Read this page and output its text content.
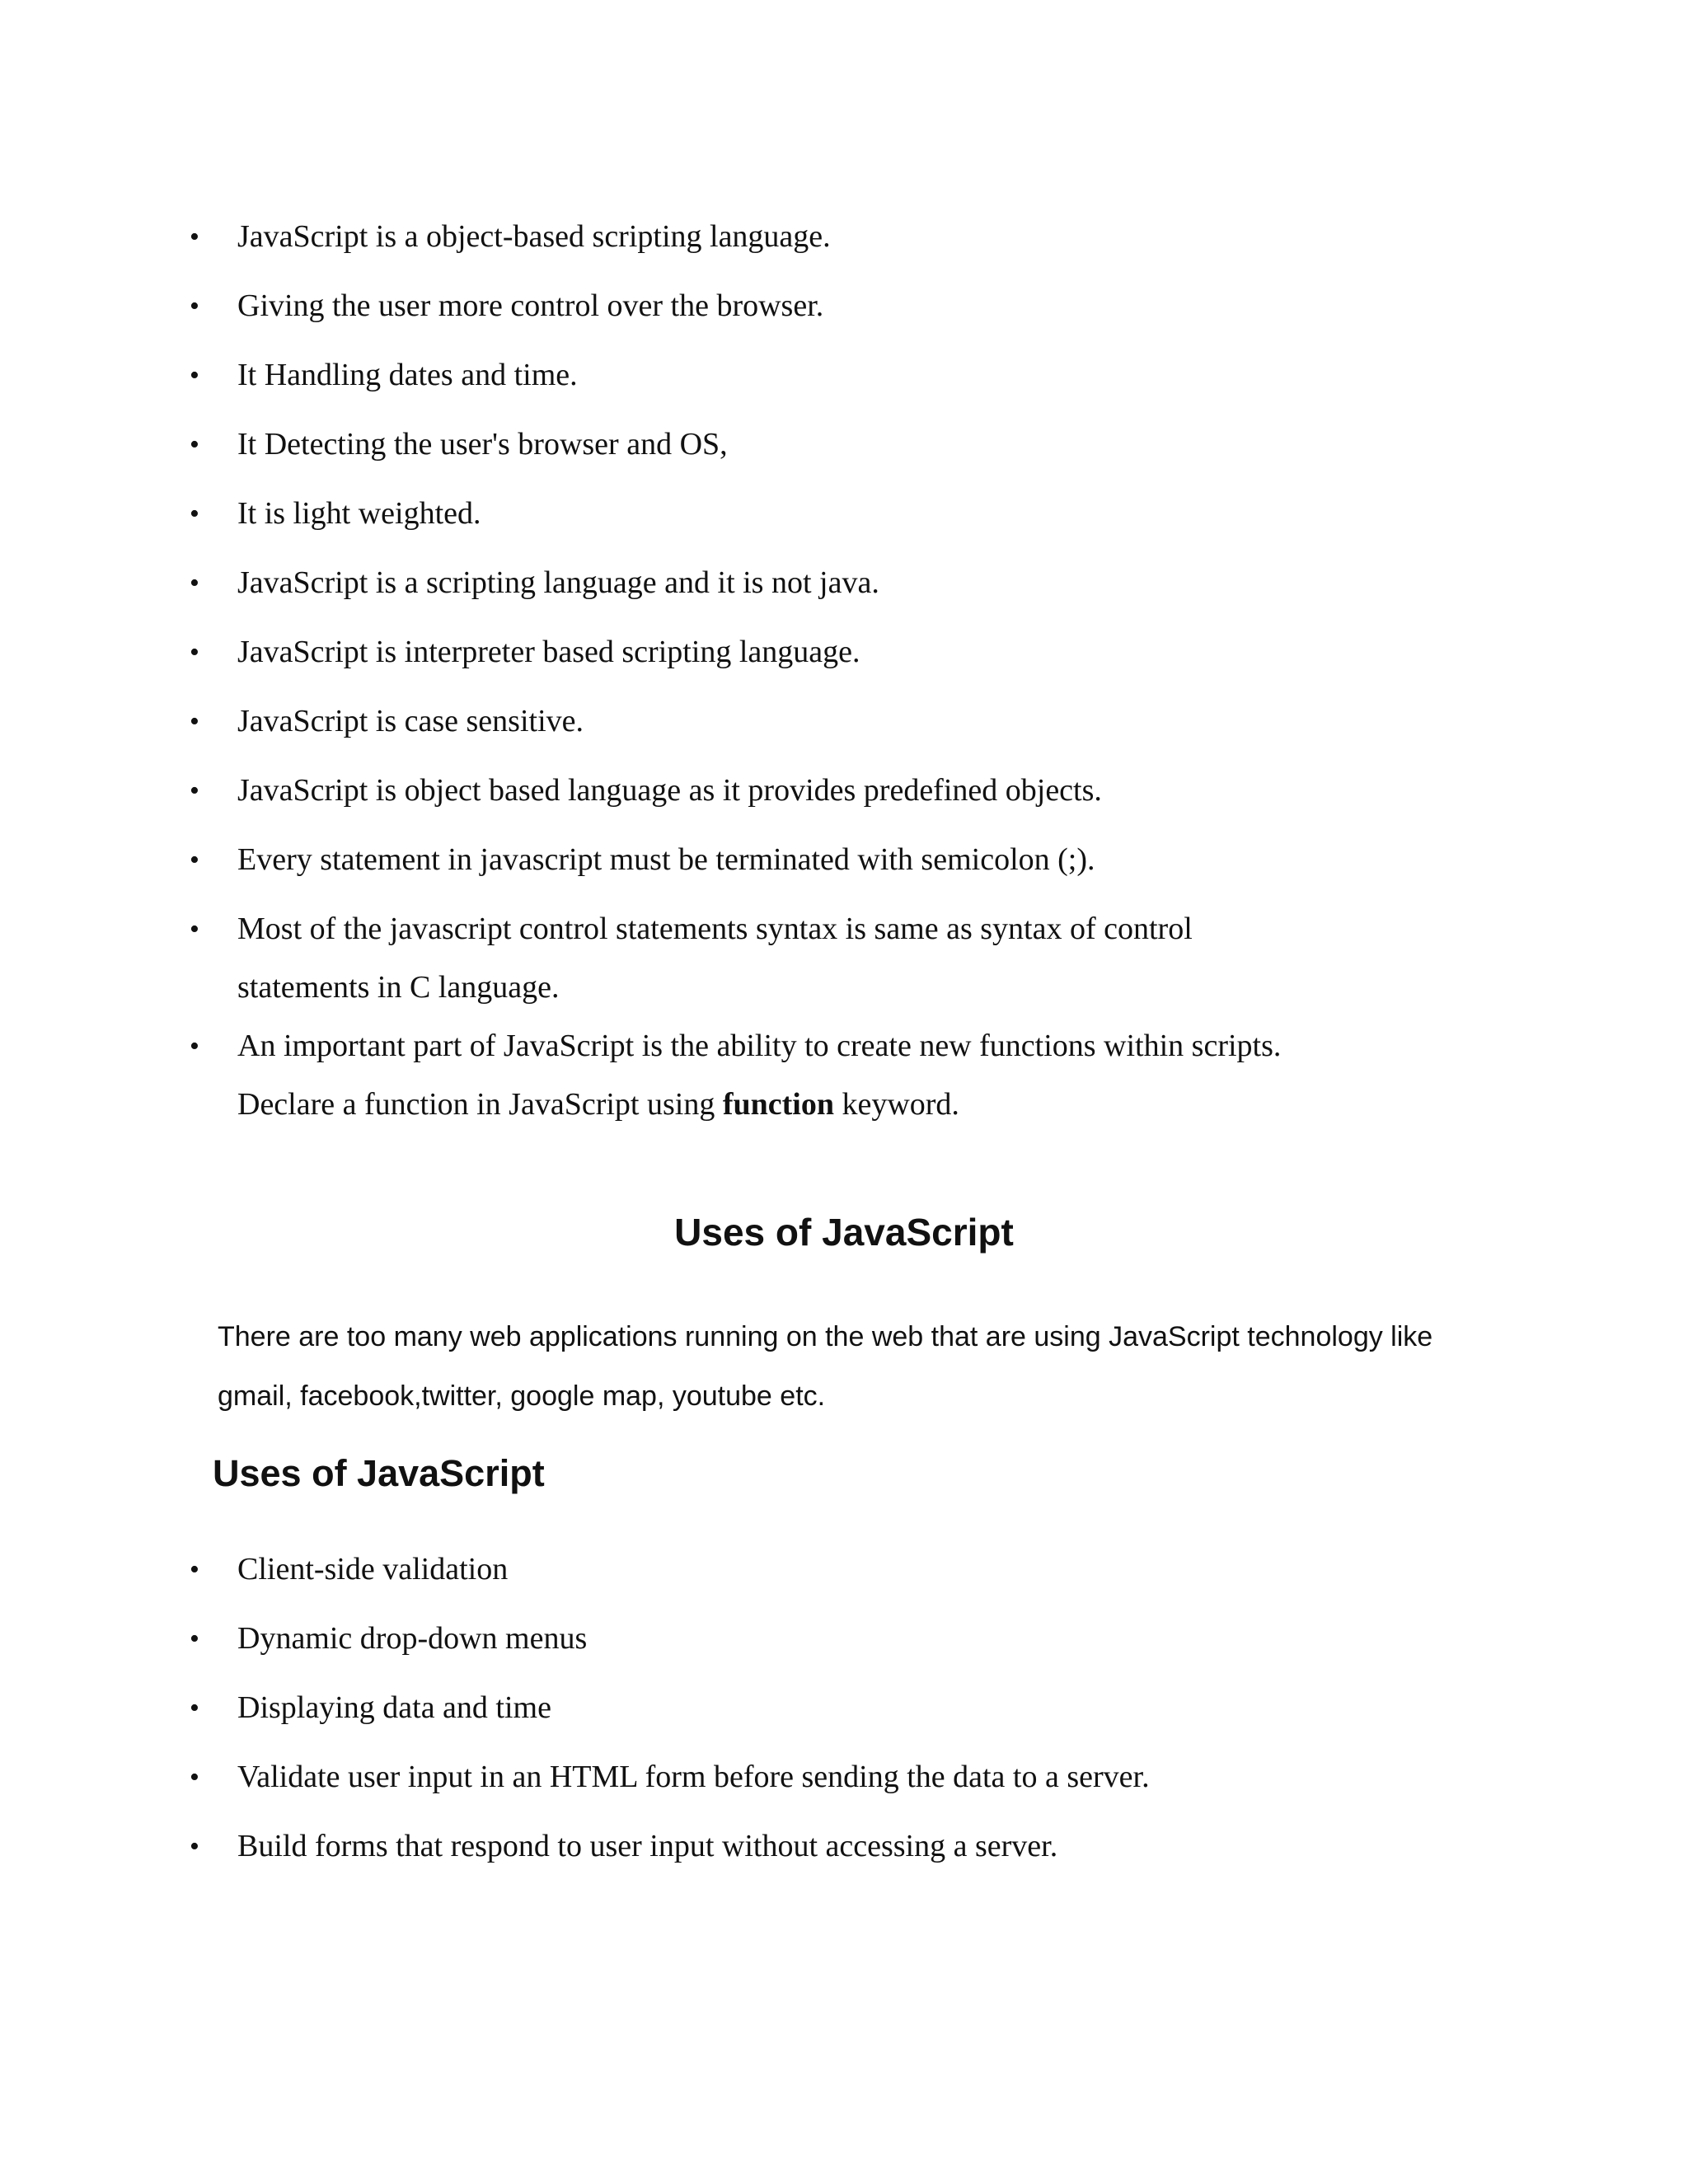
• JavaScript is a object-based scripting language.
• Giving the user more control over the browser.
• It Handling dates and time.
• It Detecting the user's browser and OS,
• It is light weighted.
• JavaScript is a scripting language and it is not java.
• JavaScript is interpreter based scripting language.
• JavaScript is case sensitive.
• JavaScript is object based language as it provides predefined objects.
• Every statement in javascript must be terminated with semicolon (;).
• Most of the javascript control statements syntax is same as syntax of control
statements in C language.
• An important part of JavaScript is the ability to create new functions within scripts.
Declare a function in JavaScript using function keyword.
Uses of JavaScript
There are too many web applications running on the web that are using JavaScript technology like
gmail, facebook,twitter, google map, youtube etc.
Uses of JavaScript
• Client-side validation
• Dynamic drop-down menus
• Displaying data and time
• Validate user input in an HTML form before sending the data to a server.
• Build forms that respond to user input without accessing a server.
